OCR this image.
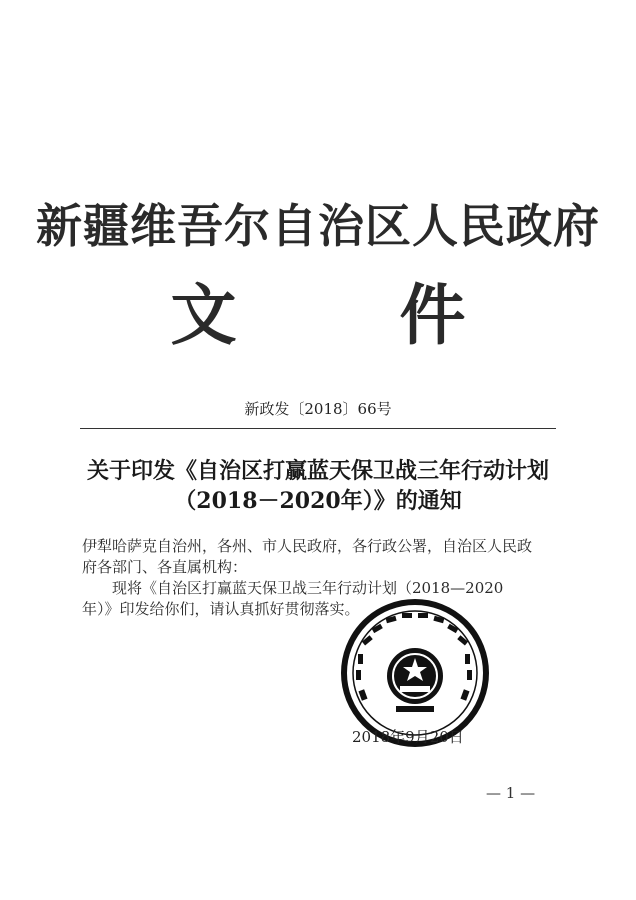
新疆维吾尔自治区人民政府
文 件
新政发〔2018〕66号
关于印发《自治区打赢蓝天保卫战三年行动计划
（2018－2020年）》的通知

伊犁哈萨克自治州，各州、市人民政府，各行政公署，自治区人民政

府各部门、各直属机构：

现将《自治区打赢蓝天保卫战三年行动计划（2018—2020

年）》印发给你们，请认真抓好贯彻落实。

2018年9月20日
— 1 —
